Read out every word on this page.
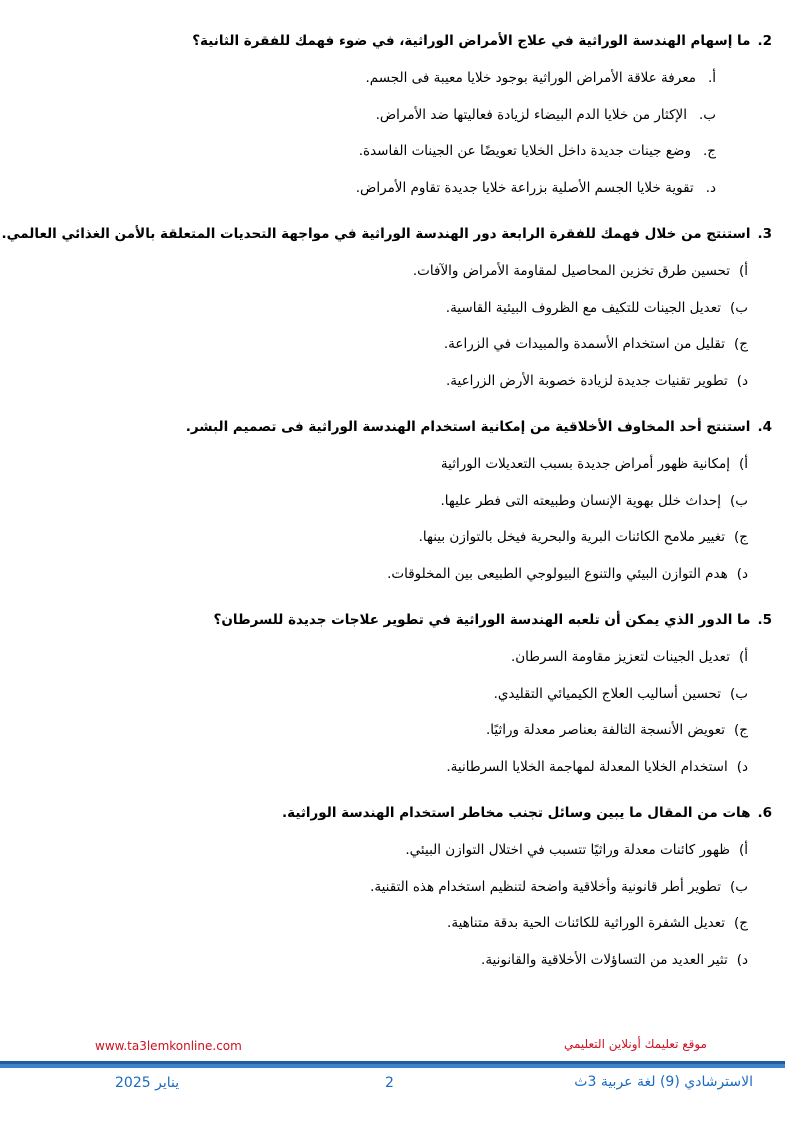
2.ما إسهام الهندسة الوراثية في علاج الأمراض الوراثية، في ضوء فهمك للفقرة الثانية؟
أ.معرفة علاقة الأمراض الوراثية بوجود خلايا معيبة فى الجسم.
ب.الإكثار من خلايا الدم البيضاء لزيادة فعاليتها ضد الأمراض.
ج.وضع جينات جديدة داخل الخلايا تعويضًا عن الجينات الفاسدة.
د.تقوية خلايا الجسم الأصلية بزراعة خلايا جديدة تقاوم الأمراض.
3.استنتج من خلال فهمك للفقرة الرابعة دور الهندسة الوراثية في مواجهة التحديات المتعلقة بالأمن الغذائي العالمي.
أ)تحسين طرق تخزين المحاصيل لمقاومة الأمراض والآفات.
ب)تعديل الجينات للتكيف مع الظروف البيئية القاسية.
ج)تقليل من استخدام الأسمدة والمبيدات في الزراعة.
د)تطوير تقنيات جديدة لزيادة خصوبة الأرض الزراعية.
4.استنتج أحد المخاوف الأخلاقية من إمكانية استخدام الهندسة الوراثية فى تصميم البشر.
أ)إمكانية ظهور أمراض جديدة بسبب التعديلات الوراثية
ب)إحداث خلل بهوية الإنسان وطبيعته التى فطر عليها.
ج)تغيير ملامح الكائنات البرية والبحرية فيخل بالتوازن بينها.
د)هدم التوازن البيئي والتنوع البيولوجي الطبيعى بين المخلوقات.
5.ما الدور الذي يمكن أن تلعبه الهندسة الوراثية في تطوير علاجات جديدة للسرطان؟
أ)تعديل الجينات لتعزيز مقاومة السرطان.
ب)تحسين أساليب العلاج الكيميائي التقليدي.
ج)تعويض الأنسجة التالفة بعناصر معدلة وراثيًا.
د)استخدام الخلايا المعدلة لمهاجمة الخلايا السرطانية.
6.هات من المقال ما يبين وسائل تجنب مخاطر استخدام الهندسة الوراثية.
أ)ظهور كائنات معدلة وراثيًا تتسبب في اختلال التوازن البيئي.
ب)تطوير أطر قانونية وأخلاقية واضحة لتنظيم استخدام هذه التقنية.
ج)تعديل الشفرة الوراثية للكائنات الحية بدقة متناهية.
د)تثير العديد من التساؤلات الأخلاقية والقانونية.
www.ta3lemkonline.com	موقع تعليمك أونلاين التعليمي
يناير 2025	2	الاسترشادي (9) لغة عربية 3ث
